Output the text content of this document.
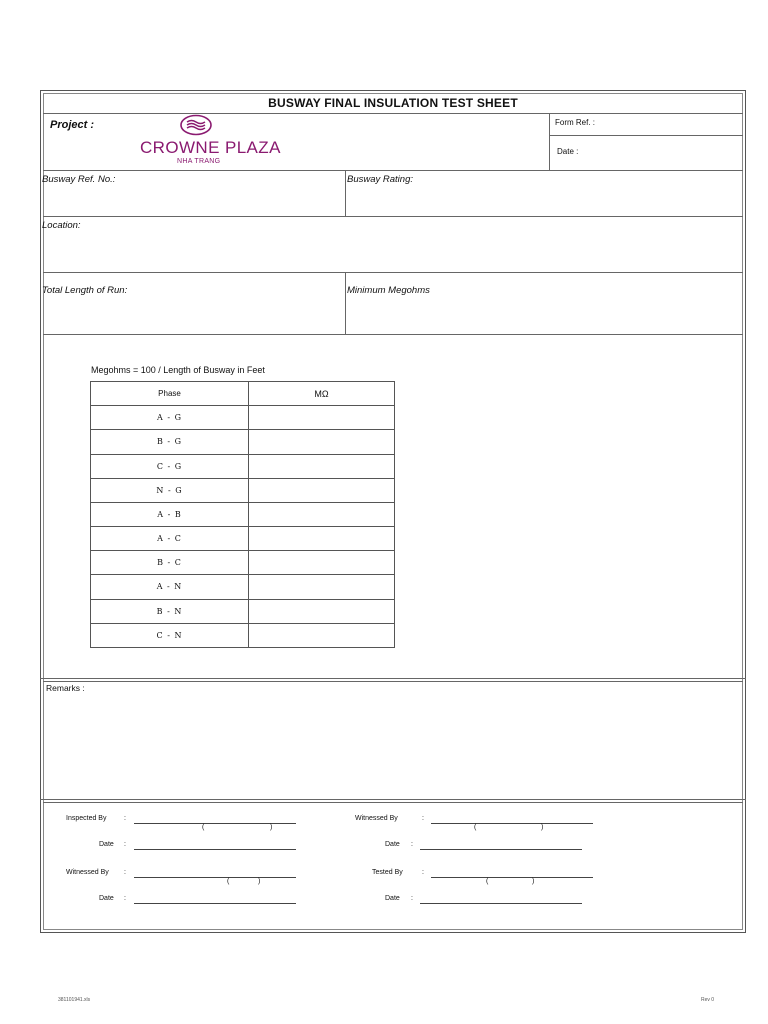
BUSWAY FINAL INSULATION TEST SHEET
Project :
CROWNE PLAZA
NHA TRANG
Form Ref. :
Date :
Busway Ref. No.:	Busway Rating:
Location:
Total Length of Run:	Minimum Megohms
Megohms = 100 / Length of Busway in Feet
Phase	MΩ
A - G	
B - G	
C - G	
N - G	
A - B	
A - C	
B - C	
A - N	
B - N	
C - N	
Remarks :
Inspected By	:
(	)
Date :
Witnessed By :
(	)
Date :
Witnessed By	:
(	)
Date :
Tested By	:
(	)
Date :
381101941.xls	Rev 0
